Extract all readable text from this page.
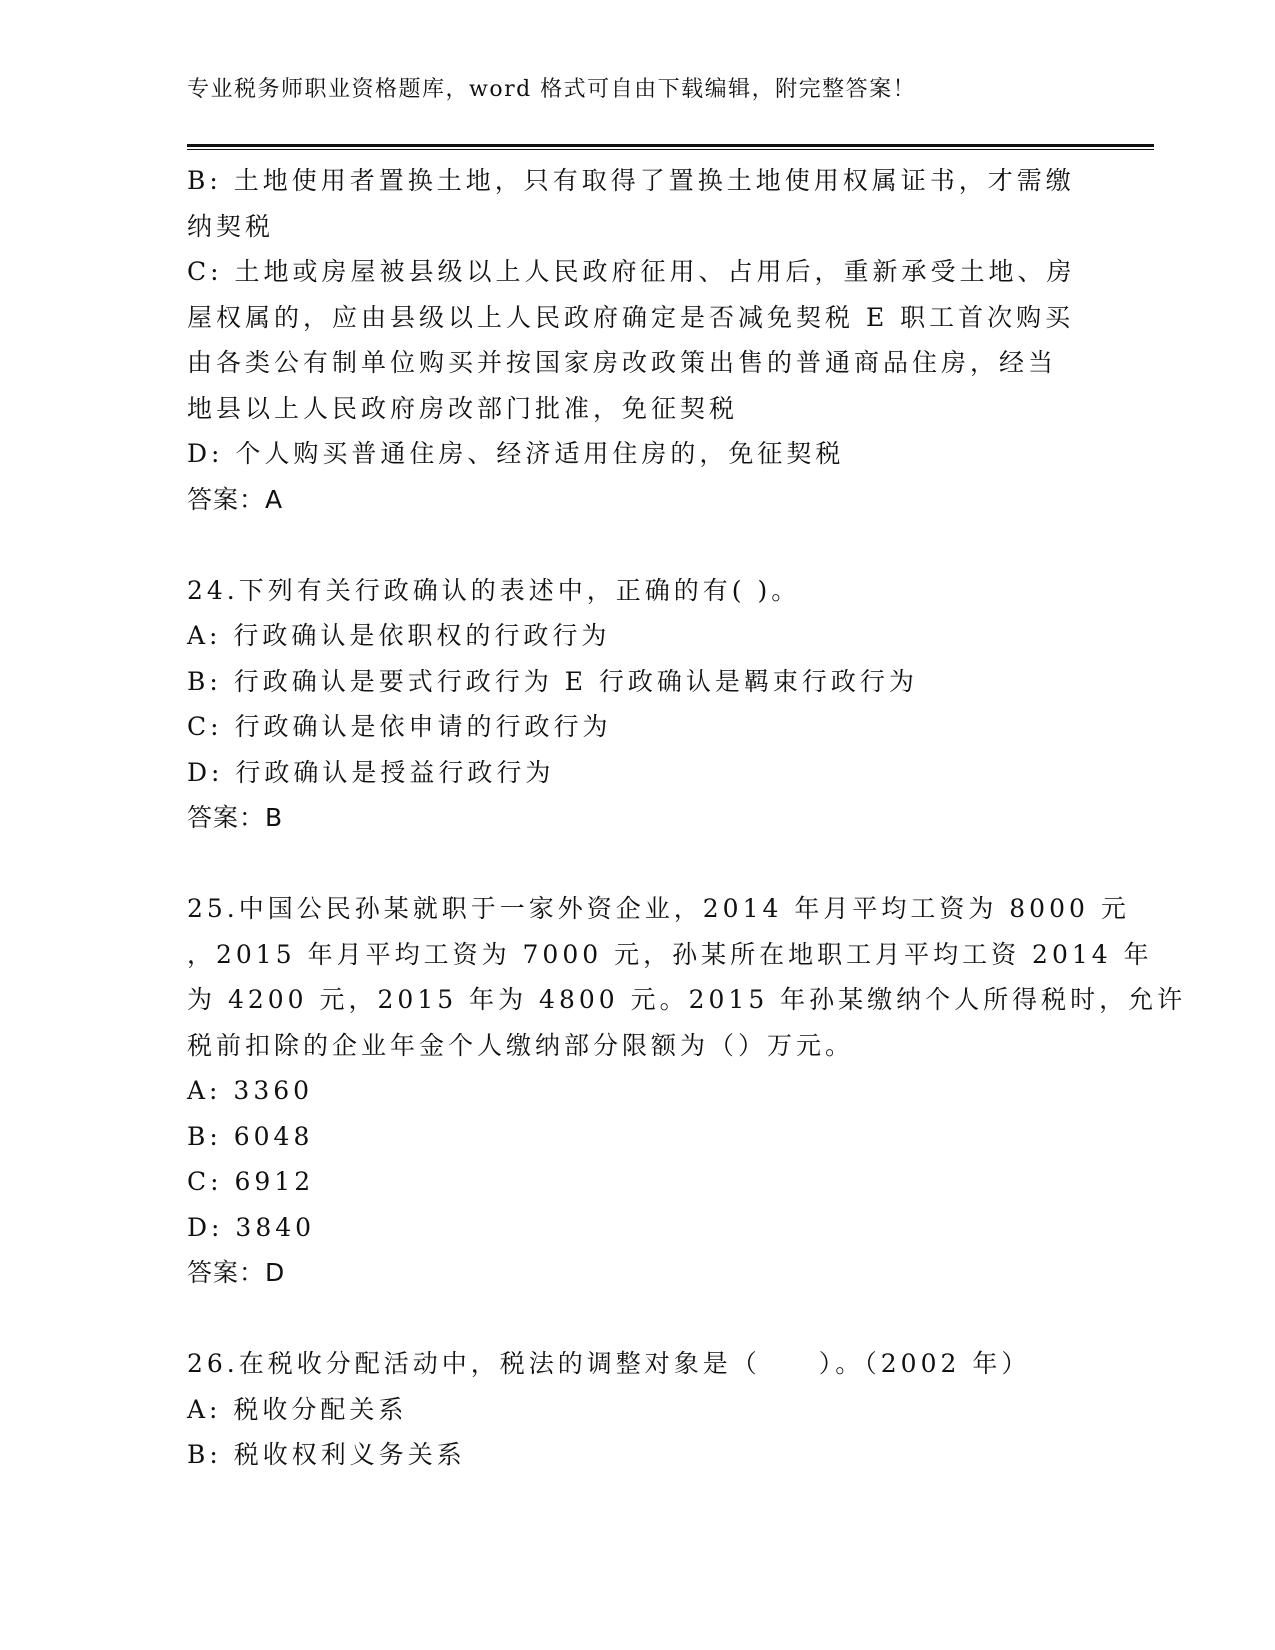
专业税务师职业资格题库，word 格式可自由下载编辑，附完整答案！
B: 土地使用者置换土地，只有取得了置换土地使用权属证书，才需缴
纳契税
C: 土地或房屋被县级以上人民政府征用、占用后，重新承受土地、房
屋权属的，应由县级以上人民政府确定是否减免契税 E 职工首次购买
由各类公有制单位购买并按国家房改政策出售的普通商品住房，经当
地县以上人民政府房改部门批准，免征契税
D: 个人购买普通住房、经济适用住房的，免征契税
答案：A
24.下列有关行政确认的表述中，正确的有( )。
A: 行政确认是依职权的行政行为
B: 行政确认是要式行政行为 E 行政确认是羁束行政行为
C: 行政确认是依申请的行政行为
D: 行政确认是授益行政行为
答案：B
25.中国公民孙某就职于一家外资企业，2014 年月平均工资为 8000 元
，2015 年月平均工资为 7000 元，孙某所在地职工月平均工资 2014 年
为 4200 元，2015 年为 4800 元。2015 年孙某缴纳个人所得税时，允许
税前扣除的企业年金个人缴纳部分限额为（）万元。
A: 3360
B: 6048
C: 6912
D: 3840
答案：D
26.在税收分配活动中，税法的调整对象是（　　）。（2002 年）
A: 税收分配关系
B: 税收权利义务关系
